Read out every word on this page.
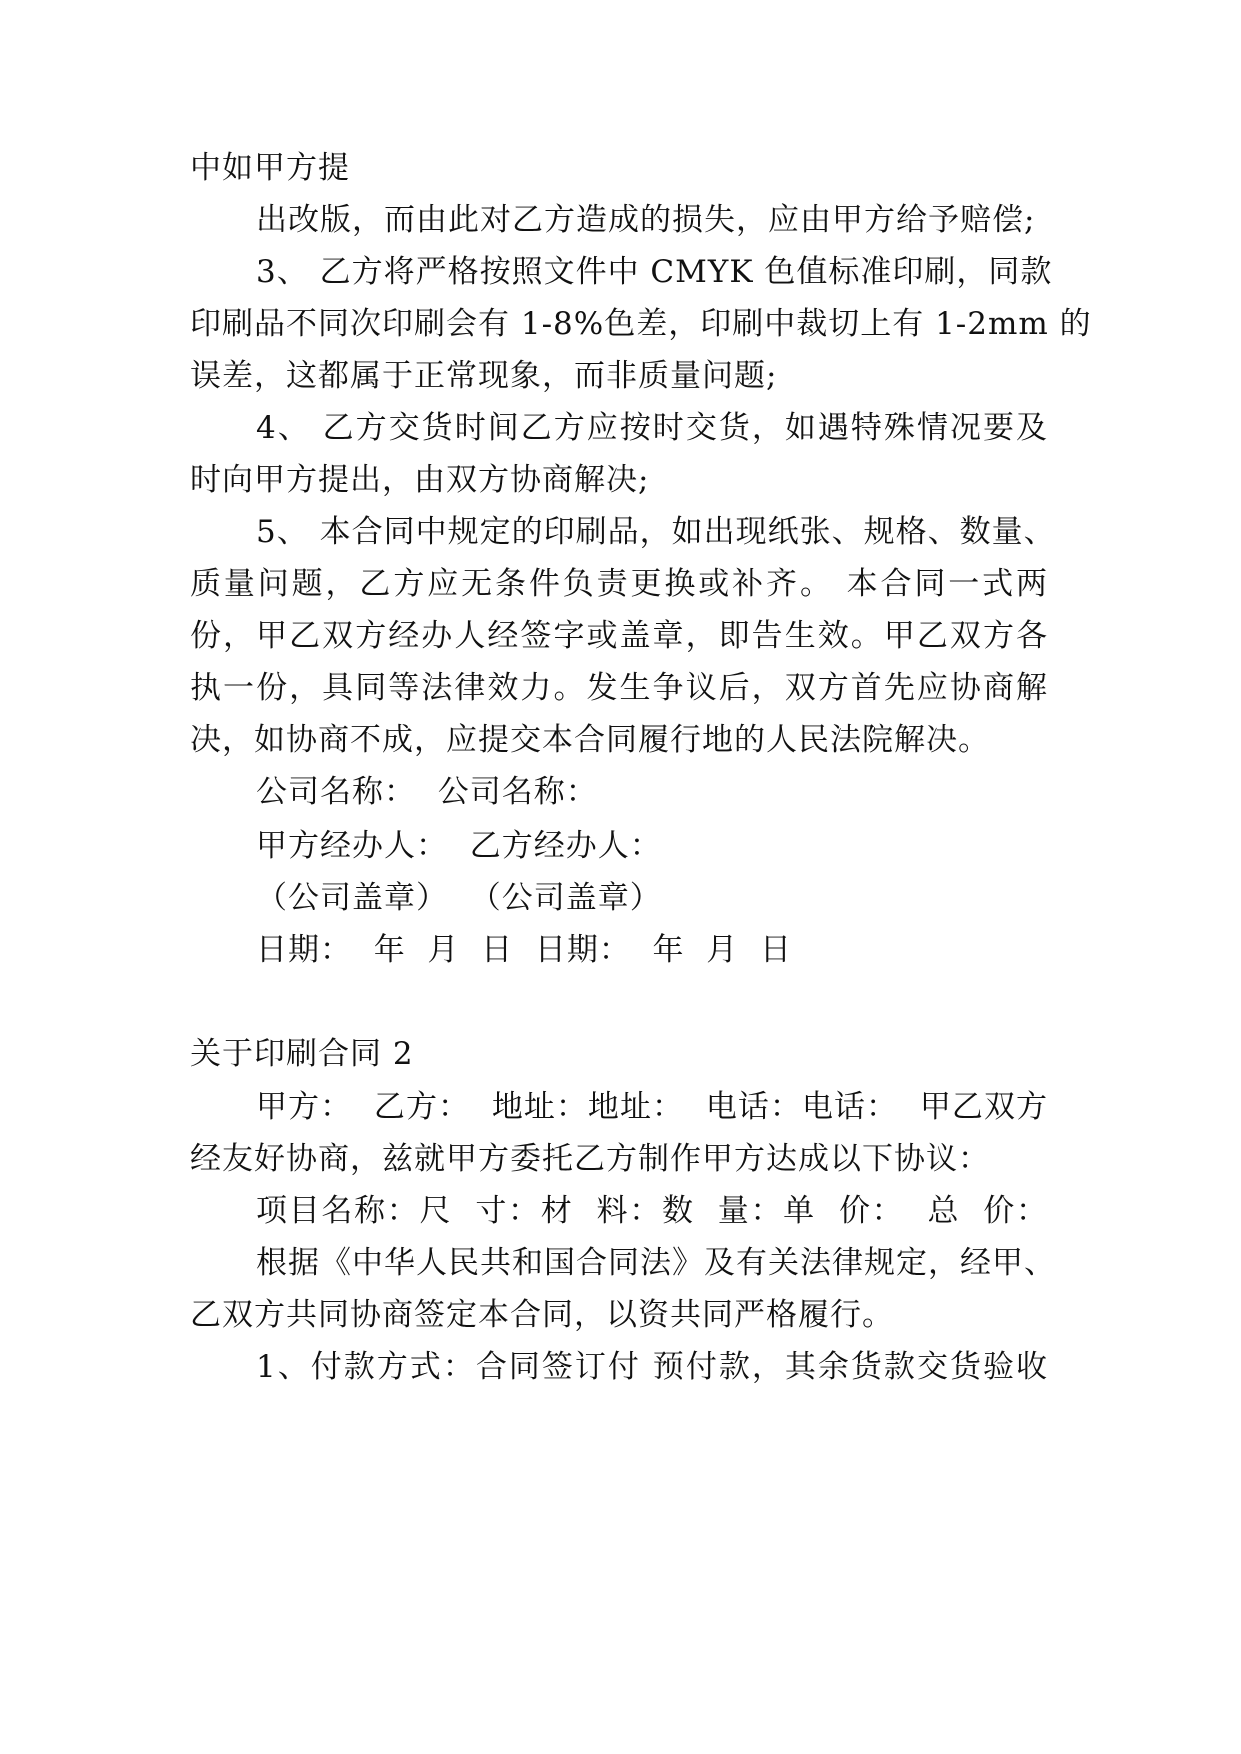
中如甲方提
出改版，而由此对乙方造成的损失，应由甲方给予赔偿;
3、 乙方将严格按照文件中 CMYK 色值标准印刷，同款
印刷品不同次印刷会有 1-8%色差，印刷中裁切上有 1-2mm 的
误差，这都属于正常现象，而非质量问题;
4、 乙方交货时间乙方应按时交货，如遇特殊情况要及
时向甲方提出，由双方协商解决;
5、 本合同中规定的印刷品，如出现纸张、规格、数量、
质量问题，乙方应无条件负责更换或补齐。 本合同一式两
份，甲乙双方经办人经签字或盖章，即告生效。甲乙双方各
执一份，具同等法律效力。发生争议后，双方首先应协商解
决，如协商不成，应提交本合同履行地的人民法院解决。
公司名称：  公司名称：
甲方经办人：  乙方经办人：
（公司盖章）  （公司盖章）
日期：  年  月  日  日期：  年  月  日
关于印刷合同 2
甲方：  乙方：  地址：地址：  电话：电话：  甲乙双方
经友好协商，兹就甲方委托乙方制作甲方达成以下协议：
项目名称：尺  寸：材  料：数  量：单  价：  总  价：
根据《中华人民共和国合同法》及有关法律规定，经甲、
乙双方共同协商签定本合同，以资共同严格履行。
1、付款方式：合同签订付 预付款，其余货款交货验收
